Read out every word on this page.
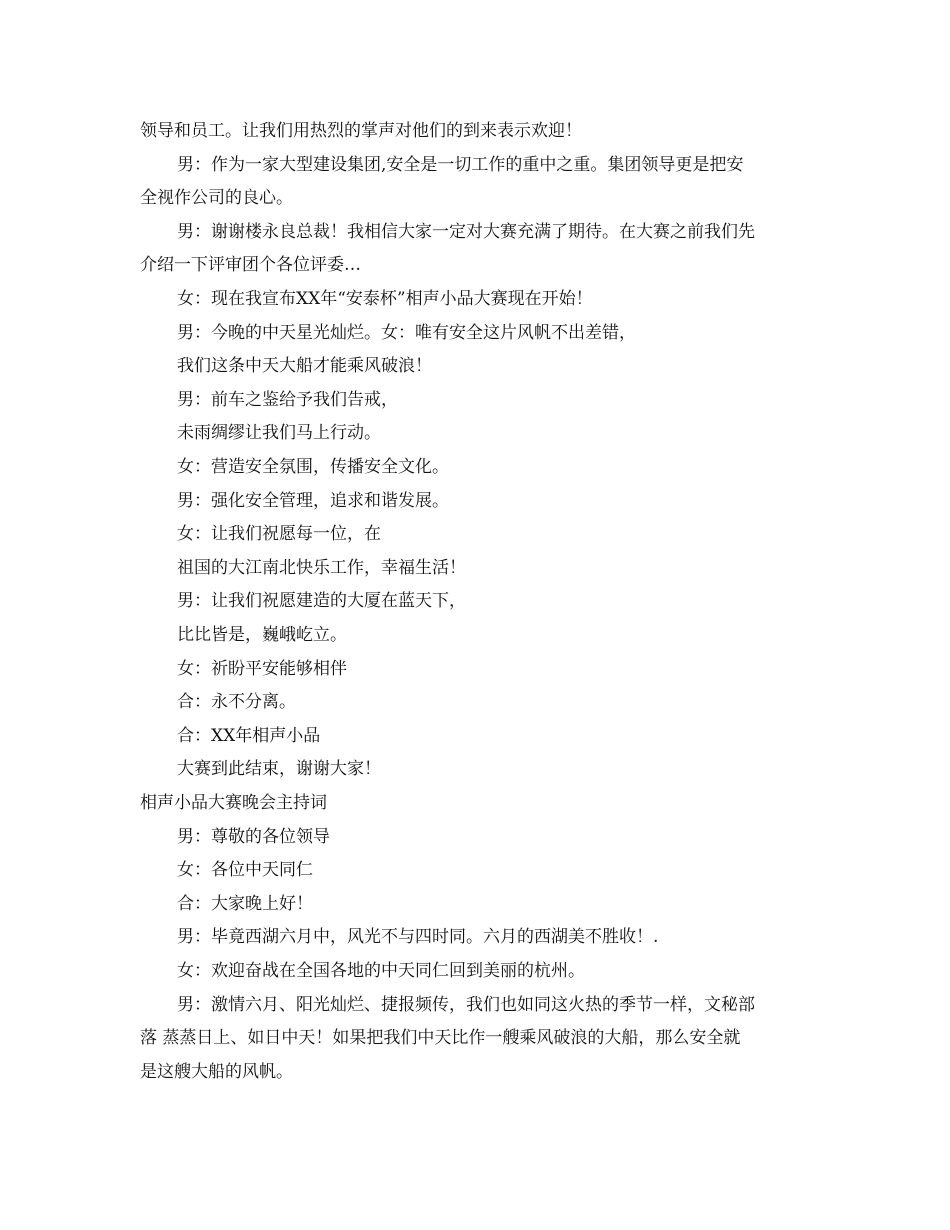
领导和员工。让我们用热烈的掌声对他们的到来表示欢迎！
男：作为一家大型建设集团,安全是一切工作的重中之重。集团领导更是把安
全视作公司的良心。
男：谢谢楼永良总裁！我相信大家一定对大赛充满了期待。在大赛之前我们先
介绍一下评审团个各位评委…
女：现在我宣布XX年“安泰杯”相声小品大赛现在开始！
男：今晚的中天星光灿烂。女：唯有安全这片风帆不出差错，
我们这条中天大船才能乘风破浪！
男：前车之鉴给予我们告戒，
未雨绸缪让我们马上行动。
女：营造安全氛围，传播安全文化。
男：强化安全管理，追求和谐发展。
女：让我们祝愿每一位，在
祖国的大江南北快乐工作，幸福生活！
男：让我们祝愿建造的大厦在蓝天下，
比比皆是，巍峨屹立。
女：祈盼平安能够相伴
合：永不分离。
合：XX年相声小品
大赛到此结束，谢谢大家！
相声小品大赛晚会主持词
男：尊敬的各位领导
女：各位中天同仁
合：大家晚上好！
男：毕竟西湖六月中，风光不与四时同。六月的西湖美不胜收！.
女：欢迎奋战在全国各地的中天同仁回到美丽的杭州。
男：激情六月、阳光灿烂、捷报频传，我们也如同这火热的季节一样，文秘部
落 蒸蒸日上、如日中天！如果把我们中天比作一艘乘风破浪的大船，那么安全就
是这艘大船的风帆。
